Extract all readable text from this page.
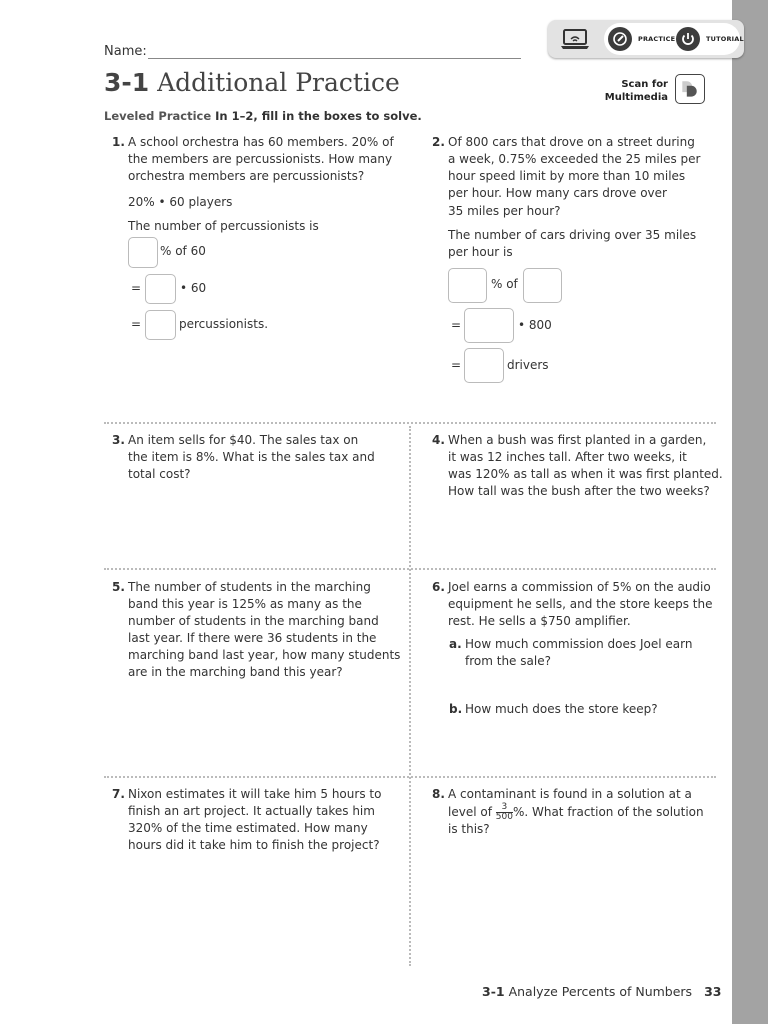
PRACTICE	TUTORIAL
Name:
3-1 Additional Practice	Scan for
Multimedia
Leveled Practice In 1–2, fill in the boxes to solve.
1. A school orchestra has 60 members. 20% of
the members are percussionists. How many
orchestra members are percussionists?
20% • 60 players
The number of percussionists is
% of 60
=	• 60
=	percussionists.
2. Of 800 cars that drove on a street during
a week, 0.75% exceeded the 25 miles per
hour speed limit by more than 10 miles
per hour. How many cars drove over
35 miles per hour?
The number of cars driving over 35 miles
per hour is
% of
=	• 800
=	drivers
3. An item sells for $40. The sales tax on
the item is 8%. What is the sales tax and
total cost?
4. When a bush was first planted in a garden,
it was 12 inches tall. After two weeks, it
was 120% as tall as when it was first planted.
How tall was the bush after the two weeks?
5. The number of students in the marching
band this year is 125% as many as the
number of students in the marching band
last year. If there were 36 students in the
marching band last year, how many students
are in the marching band this year?
6. Joel earns a commission of 5% on the audio
equipment he sells, and the store keeps the
rest. He sells a $750 amplifier.
a. How much commission does Joel earn
from the sale?
b. How much does the store keep?
7. Nixon estimates it will take him 5 hours to
finish an art project. It actually takes him
320% of the time estimated. How many
hours did it take him to finish the project?
8. A contaminant is found in a solution at a
level of $\frac{3}{500}$ %. What fraction of the solution
is this?
3-1 Analyze Percents of Numbers 33
